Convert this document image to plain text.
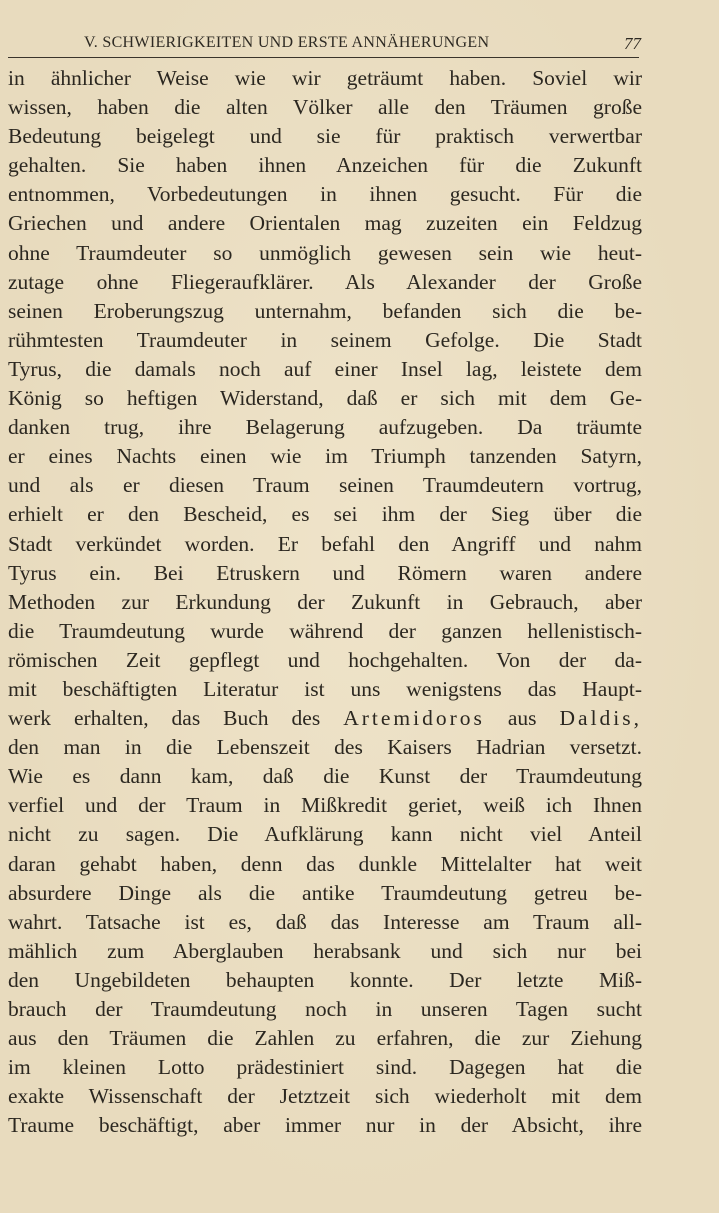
V. SCHWIERIGKEITEN UND ERSTE ANNÄHERUNGEN	77
in ähnlicher Weise wie wir geträumt haben. Soviel wir
wissen, haben die alten Völker alle den Träumen große
Bedeutung beigelegt und sie für praktisch verwertbar
gehalten. Sie haben ihnen Anzeichen für die Zukunft
entnommen, Vorbedeutungen in ihnen gesucht. Für die
Griechen und andere Orientalen mag zuzeiten ein Feldzug
ohne Traumdeuter so unmöglich gewesen sein wie heut-
zutage ohne Fliegeraufklärer. Als Alexander der Große
seinen Eroberungszug unternahm, befanden sich die be-
rühmtesten Traumdeuter in seinem Gefolge. Die Stadt
Tyrus, die damals noch auf einer Insel lag, leistete dem
König so heftigen Widerstand, daß er sich mit dem Ge-
danken trug, ihre Belagerung aufzugeben. Da träumte
er eines Nachts einen wie im Triumph tanzenden Satyrn,
und als er diesen Traum seinen Traumdeutern vortrug,
erhielt er den Bescheid, es sei ihm der Sieg über die
Stadt verkündet worden. Er befahl den Angriff und nahm
Tyrus ein. Bei Etruskern und Römern waren andere
Methoden zur Erkundung der Zukunft in Gebrauch, aber
die Traumdeutung wurde während der ganzen hellenistisch-
römischen Zeit gepflegt und hochgehalten. Von der da-
mit beschäftigten Literatur ist uns wenigstens das Haupt-
werk erhalten, das Buch des Artemidoros aus Daldis,
den man in die Lebenszeit des Kaisers Hadrian versetzt.
Wie es dann kam, daß die Kunst der Traumdeutung
verfiel und der Traum in Mißkredit geriet, weiß ich Ihnen
nicht zu sagen. Die Aufklärung kann nicht viel Anteil
daran gehabt haben, denn das dunkle Mittelalter hat weit
absurdere Dinge als die antike Traumdeutung getreu be-
wahrt. Tatsache ist es, daß das Interesse am Traum all-
mählich zum Aberglauben herabsank und sich nur bei
den Ungebildeten behaupten konnte. Der letzte Miß-
brauch der Traumdeutung noch in unseren Tagen sucht
aus den Träumen die Zahlen zu erfahren, die zur Ziehung
im kleinen Lotto prädestiniert sind. Dagegen hat die
exakte Wissenschaft der Jetztzeit sich wiederholt mit dem
Traume beschäftigt, aber immer nur in der Absicht, ihre
